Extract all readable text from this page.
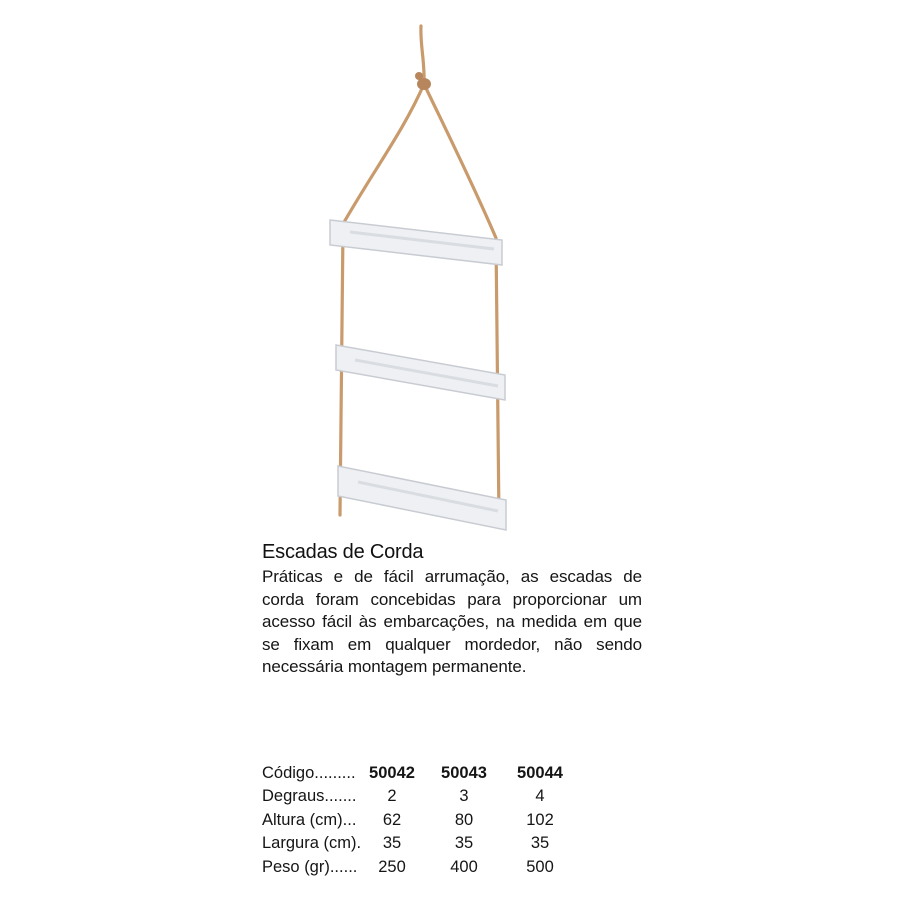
Escadas de Corda

Práticas e de fácil arrumação, as escadas de corda foram concebidas para proporcionar um acesso fácil às embarcações, na medida em que se fixam em qualquer mordedor, não sendo necessária montagem permanente.

Código.........	50042	50043	50044
Degraus.......	2	3	4
Altura (cm)...	62	80	102
Largura (cm).	35	35	35
Peso (gr)......	250	400	500
